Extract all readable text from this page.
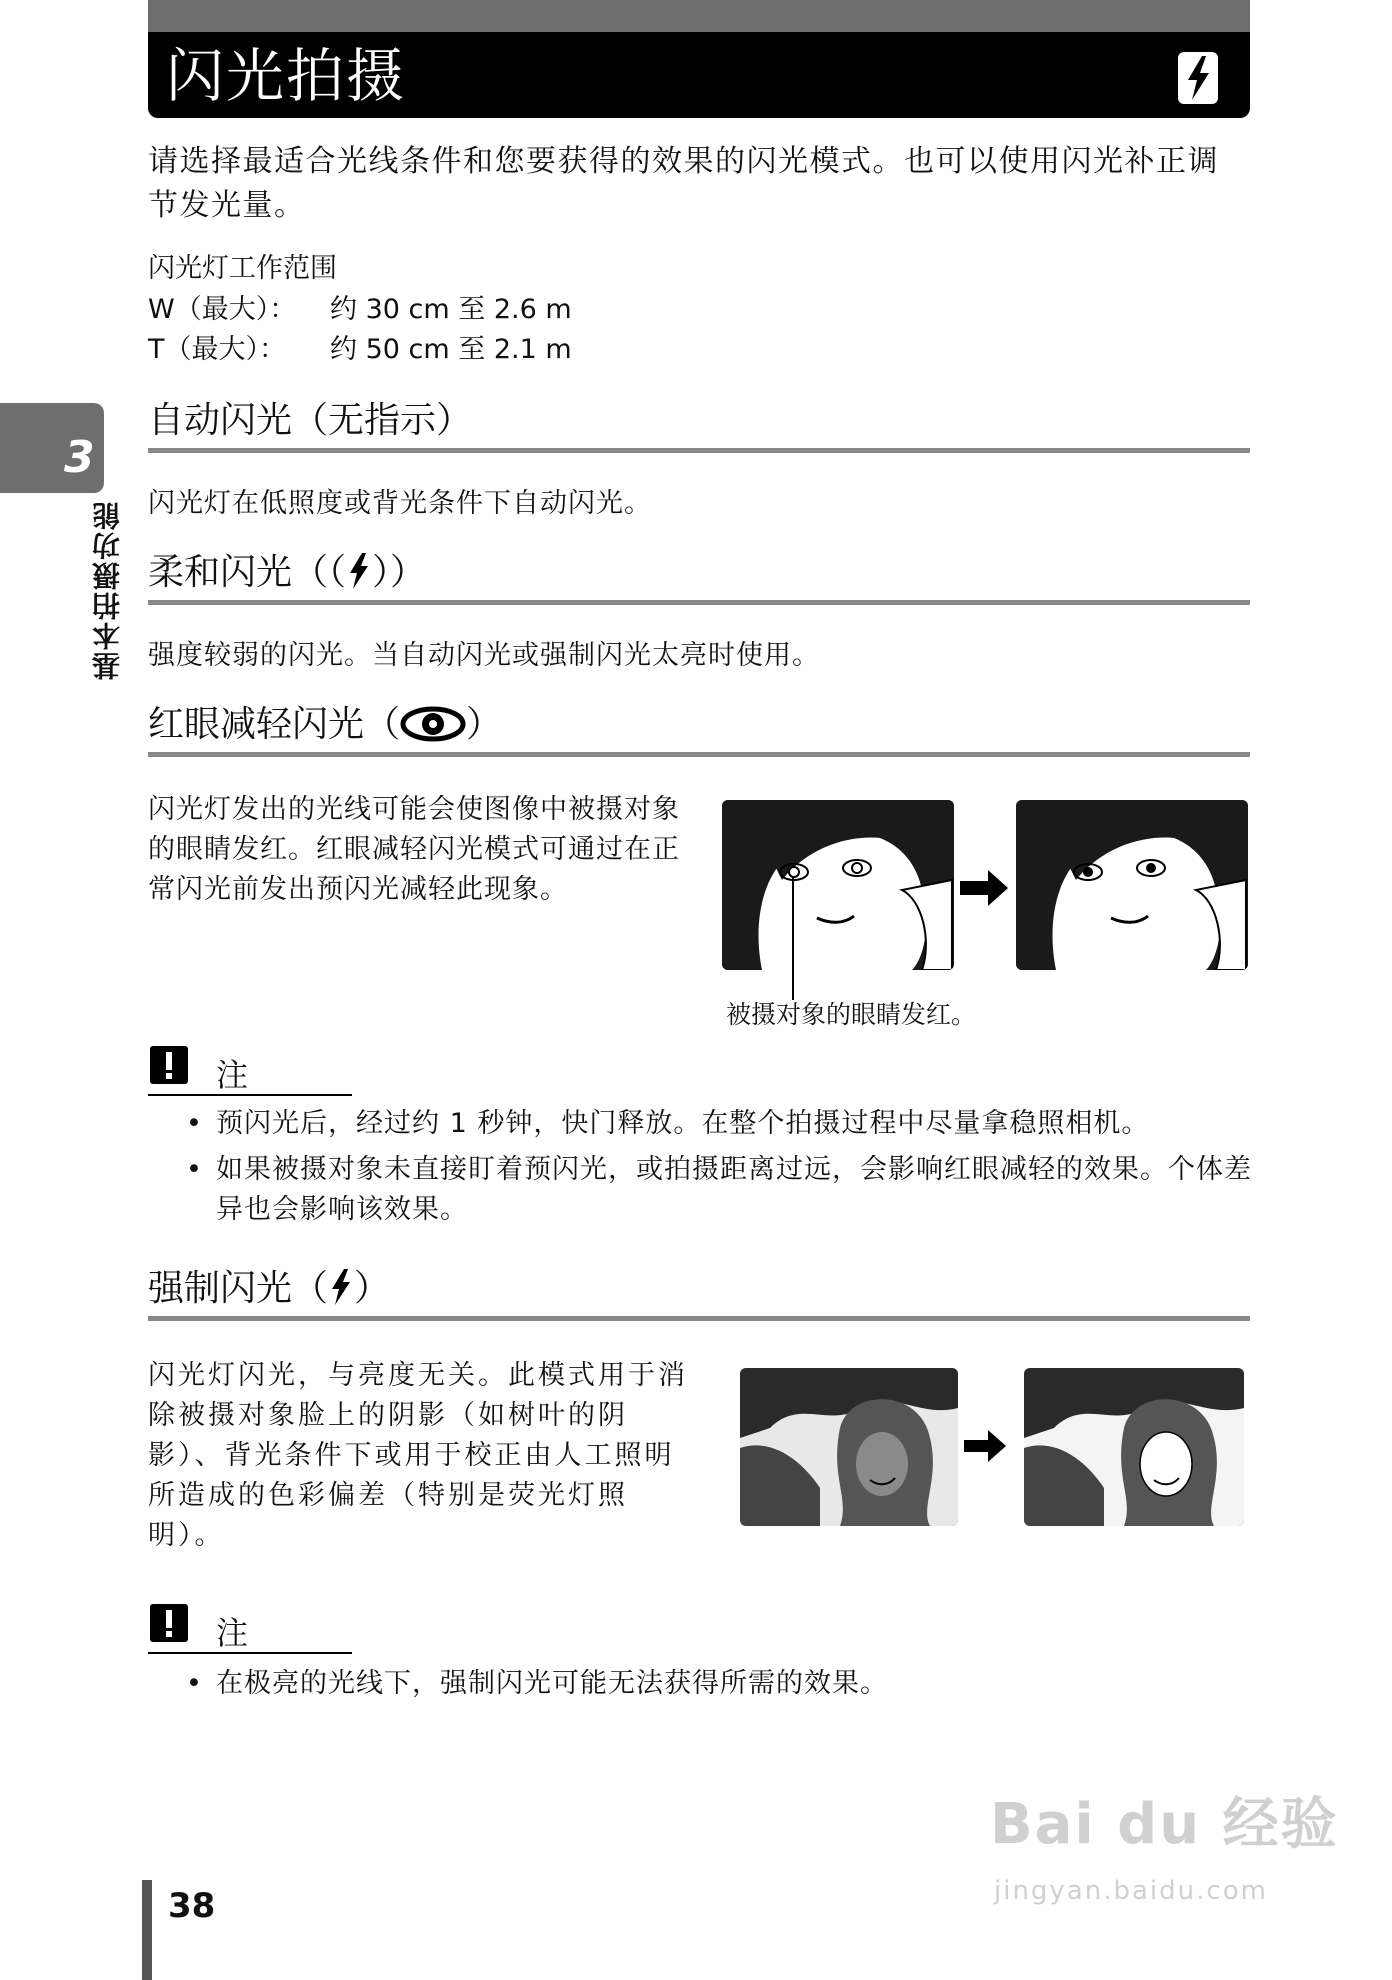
闪光拍摄
请选择最适合光线条件和您要获得的效果的闪光模式。也可以使用闪光补正调节发光量。
闪光灯工作范围
W（最大）： 约 30 cm 至 2.6 m
T（最大）： 约 50 cm 至 2.1 m
3
基本拍摄功能
自动闪光（无指示）
闪光灯在低照度或背光条件下自动闪光。
柔和闪光（（ ））
强度较弱的闪光。当自动闪光或强制闪光太亮时使用。
红眼减轻闪光（ ）
闪光灯发出的光线可能会使图像中被摄对象的眼睛发红。红眼减轻闪光模式可通过在正常闪光前发出预闪光减轻此现象。
被摄对象的眼睛发红。
注
• 预闪光后，经过约 1 秒钟，快门释放。在整个拍摄过程中尽量拿稳照相机。
• 如果被摄对象未直接盯着预闪光，或拍摄距离过远，会影响红眼减轻的效果。个体差异也会影响该效果。
强制闪光（ ）
闪光灯闪光，与亮度无关。此模式用于消除被摄对象脸上的阴影（如树叶的阴影）、背光条件下或用于校正由人工照明所造成的色彩偏差（特别是荧光灯照明）。
注
• 在极亮的光线下，强制闪光可能无法获得所需的效果。
38
Bai du 经验
jingyan.baidu.com
